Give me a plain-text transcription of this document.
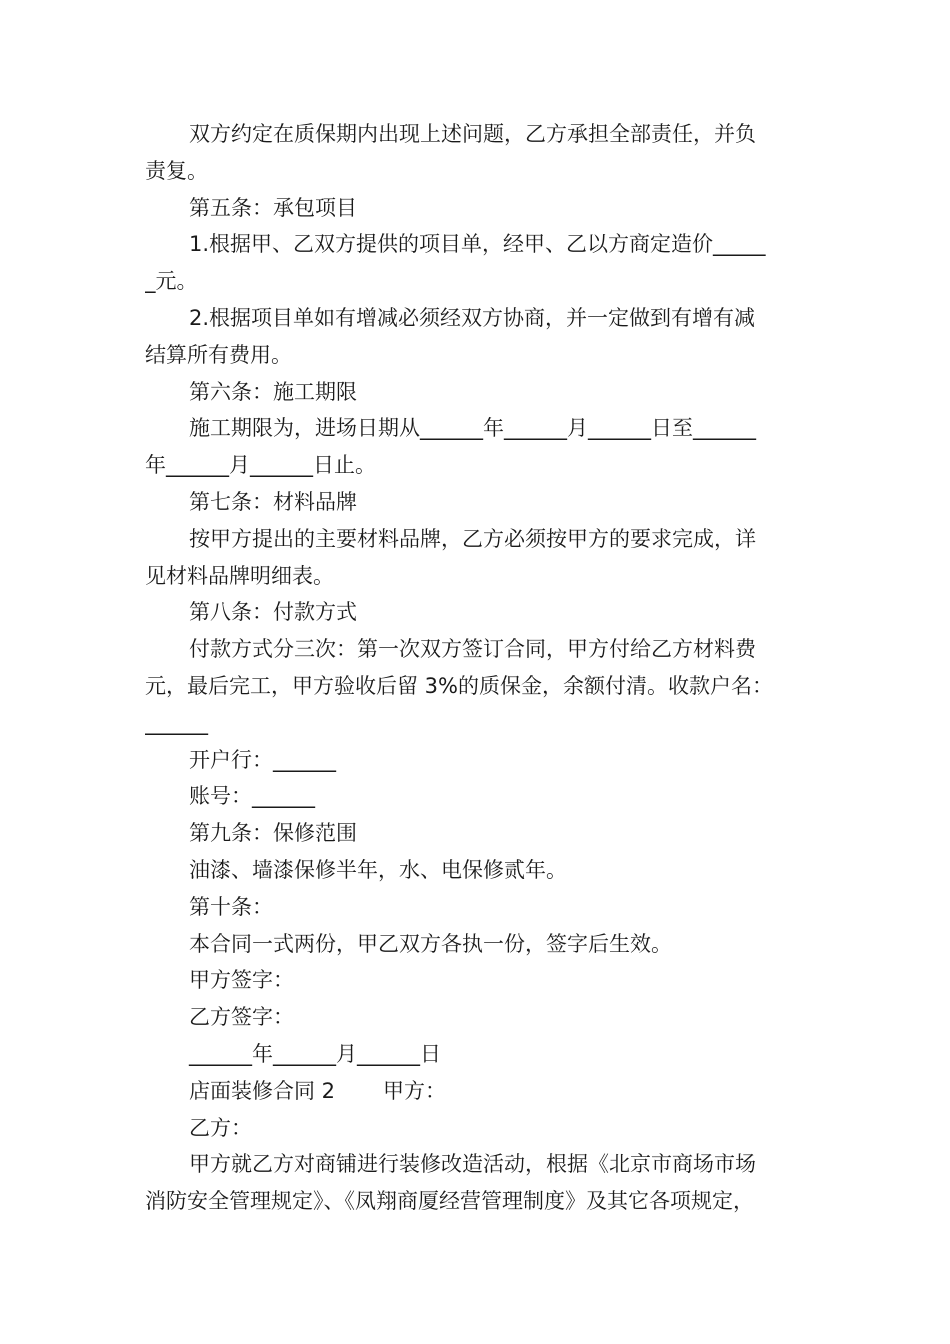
双方约定在质保期内出现上述问题，乙方承担全部责任，并负
责复。
第五条：承包项目
1.根据甲、乙双方提供的项目单，经甲、乙以方商定造价_____
_元。
2.根据项目单如有增减必须经双方协商，并一定做到有增有减
结算所有费用。
第六条：施工期限
施工期限为，进场日期从______年______月______日至______
年______月______日止。
第七条：材料品牌
按甲方提出的主要材料品牌，乙方必须按甲方的要求完成，详
见材料品牌明细表。
第八条：付款方式
付款方式分三次：第一次双方签订合同，甲方付给乙方材料费
元，最后完工，甲方验收后留 3%的质保金，余额付清。收款户名：
______
开户行：______
账号：______
第九条：保修范围
油漆、墙漆保修半年，水、电保修贰年。
第十条：
本合同一式两份，甲乙双方各执一份，签字后生效。
甲方签字：
乙方签字：
______年______月______日
店面装修合同 2 甲方：
乙方：
甲方就乙方对商铺进行装修改造活动，根据《北京市商场市场
消防安全管理规定》、《凤翔商厦经营管理制度》及其它各项规定，
